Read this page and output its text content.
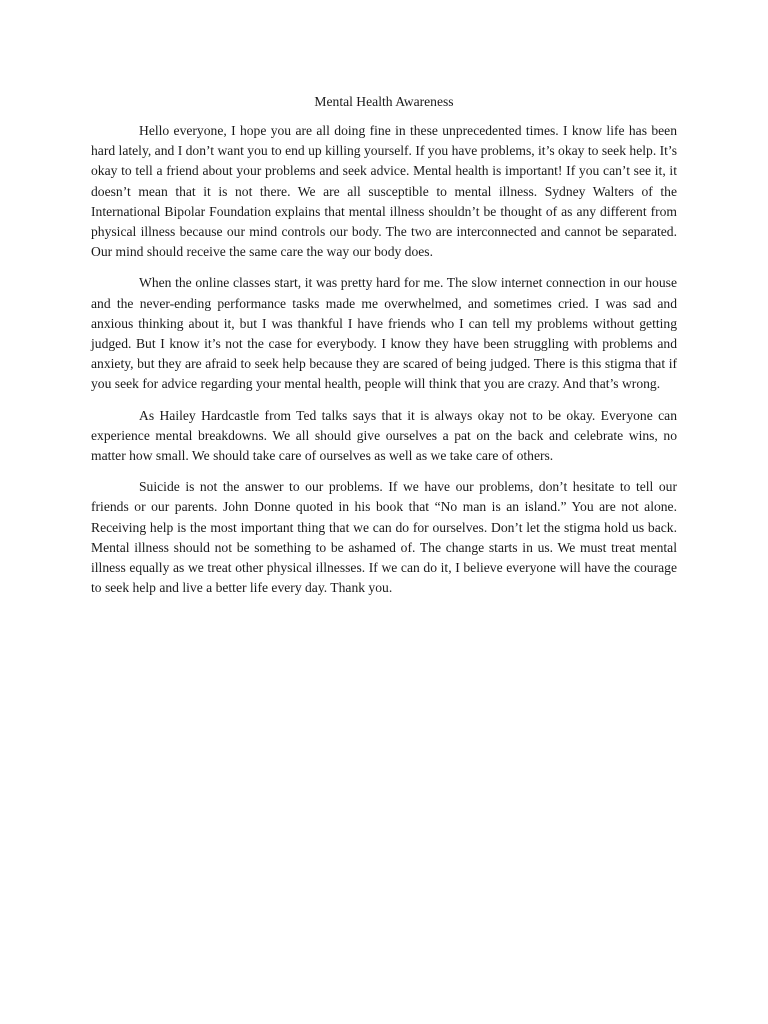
Mental Health Awareness

Hello everyone, I hope you are all doing fine in these unprecedented times. I know life has been hard lately, and I don’t want you to end up killing yourself. If you have problems, it’s okay to seek help. It’s okay to tell a friend about your problems and seek advice. Mental health is important! If you can’t see it, it doesn’t mean that it is not there. We are all susceptible to mental illness. Sydney Walters of the International Bipolar Foundation explains that mental illness shouldn’t be thought of as any different from physical illness because our mind controls our body. The two are interconnected and cannot be separated. Our mind should receive the same care the way our body does.

When the online classes start, it was pretty hard for me. The slow internet connection in our house and the never-ending performance tasks made me overwhelmed, and sometimes cried. I was sad and anxious thinking about it, but I was thankful I have friends who I can tell my problems without getting judged. But I know it’s not the case for everybody. I know they have been struggling with problems and anxiety, but they are afraid to seek help because they are scared of being judged. There is this stigma that if you seek for advice regarding your mental health, people will think that you are crazy. And that’s wrong.

As Hailey Hardcastle from Ted talks says that it is always okay not to be okay. Everyone can experience mental breakdowns. We all should give ourselves a pat on the back and celebrate wins, no matter how small. We should take care of ourselves as well as we take care of others.

Suicide is not the answer to our problems. If we have our problems, don’t hesitate to tell our friends or our parents. John Donne quoted in his book that “No man is an island.” You are not alone. Receiving help is the most important thing that we can do for ourselves. Don’t let the stigma hold us back. Mental illness should not be something to be ashamed of. The change starts in us. We must treat mental illness equally as we treat other physical illnesses. If we can do it, I believe everyone will have the courage to seek help and live a better life every day. Thank you.
